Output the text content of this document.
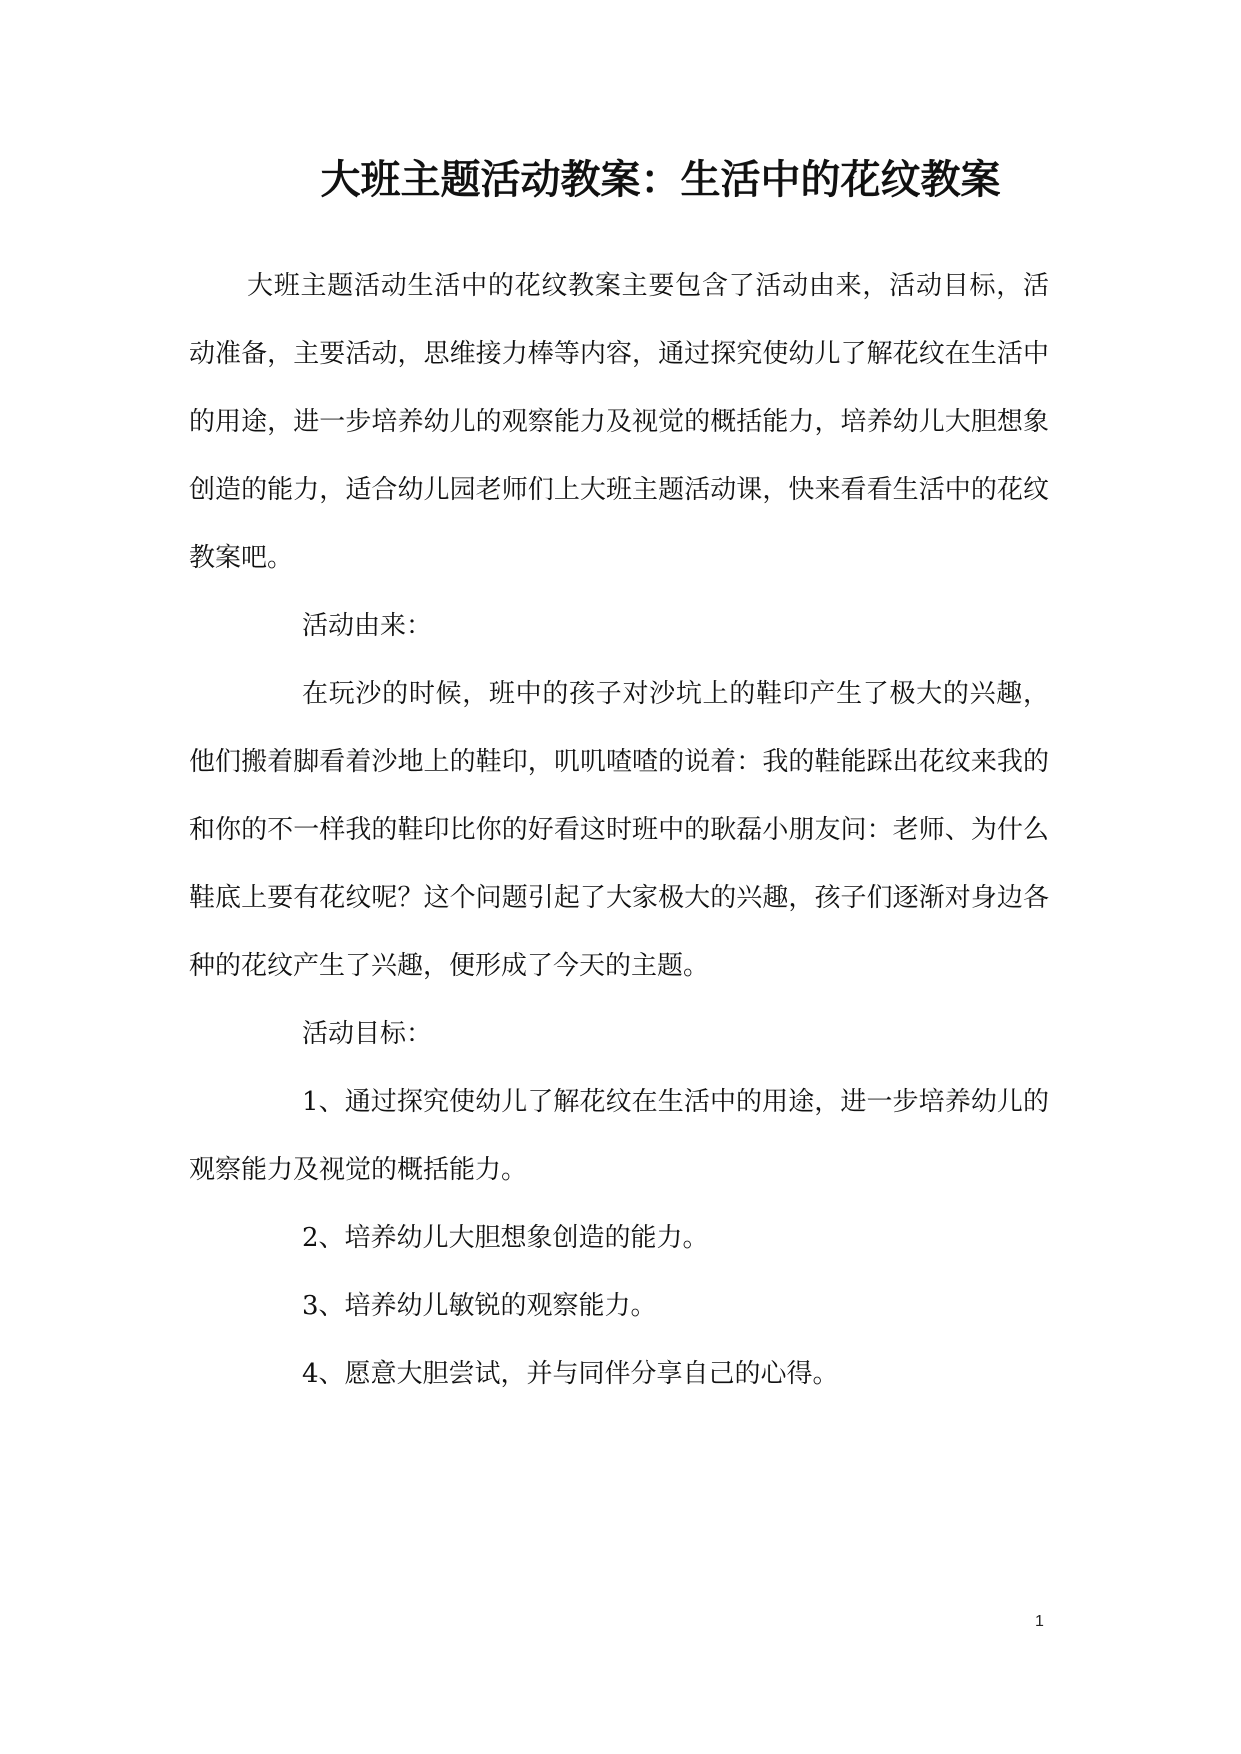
大班主题活动教案：生活中的花纹教案

大班主题活动生活中的花纹教案主要包含了活动由来，活动目标，活动准备，主要活动，思维接力棒等内容，通过探究使幼儿了解花纹在生活中的用途，进一步培养幼儿的观察能力及视觉的概括能力，培养幼儿大胆想象创造的能力，适合幼儿园老师们上大班主题活动课，快来看看生活中的花纹教案吧。

活动由来：

在玩沙的时候，班中的孩子对沙坑上的鞋印产生了极大的兴趣，他们搬着脚看着沙地上的鞋印，叽叽喳喳的说着：我的鞋能踩出花纹来我的和你的不一样我的鞋印比你的好看这时班中的耿磊小朋友问：老师、为什么鞋底上要有花纹呢？这个问题引起了大家极大的兴趣，孩子们逐渐对身边各种的花纹产生了兴趣，便形成了今天的主题。

活动目标：

1、通过探究使幼儿了解花纹在生活中的用途，进一步培养幼儿的观察能力及视觉的概括能力。

2、培养幼儿大胆想象创造的能力。

3、培养幼儿敏锐的观察能力。

4、愿意大胆尝试，并与同伴分享自己的心得。

1
